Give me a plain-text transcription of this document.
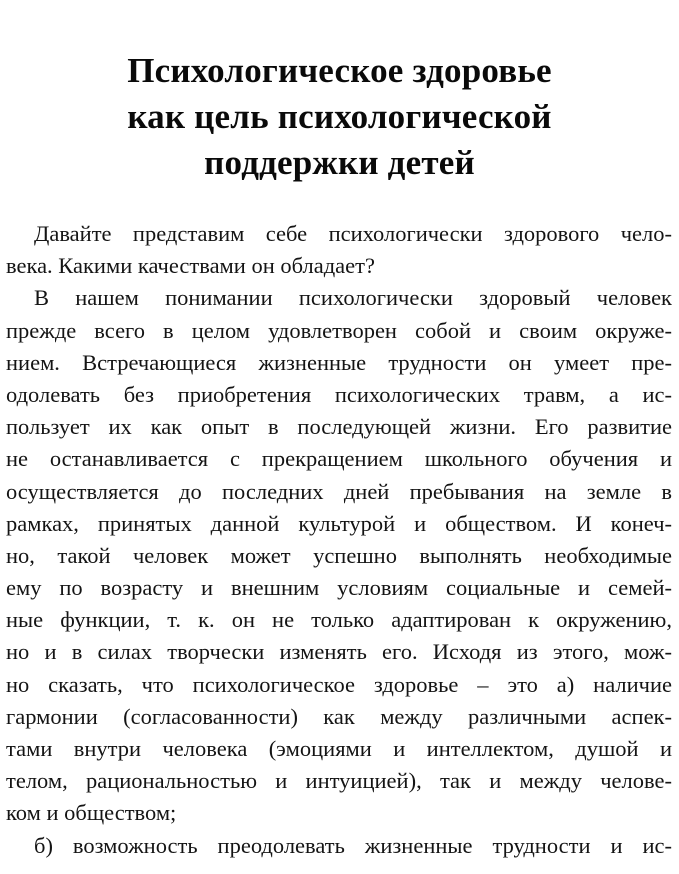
Психологическое здоровье
как цель психологической
поддержки детей
Давайте представим себе психологически здорового чело-
века. Какими качествами он обладает?
В нашем понимании психологически здоровый человек
прежде всего в целом удовлетворен собой и своим окруже-
нием. Встречающиеся жизненные трудности он умеет пре-
одолевать без приобретения психологических травм, а ис-
пользует их как опыт в последующей жизни. Его развитие
не останавливается с прекращением школьного обучения и
осуществляется до последних дней пребывания на земле в
рамках, принятых данной культурой и обществом. И конеч-
но, такой человек может успешно выполнять необходимые
ему по возрасту и внешним условиям социальные и семей-
ные функции, т. к. он не только адаптирован к окружению,
но и в силах творчески изменять его. Исходя из этого, мож-
но сказать, что психологическое здоровье – это а) наличие
гармонии (согласованности) как между различными аспек-
тами внутри человека (эмоциями и интеллектом, душой и
телом, рациональностью и интуицией), так и между челове-
ком и обществом;
б) возможность преодолевать жизненные трудности и ис-
